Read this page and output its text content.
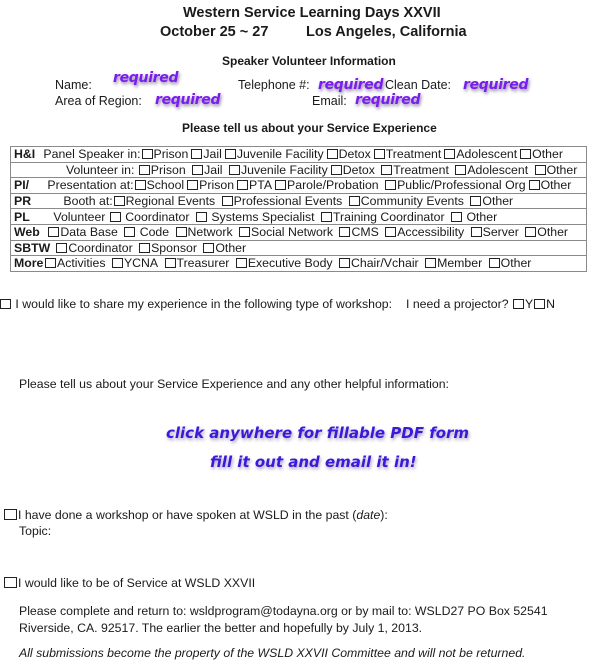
Western Service Learning Days XXVII
October 25 ~ 27	Los Angeles, California
Speaker Volunteer Information
Name: required	Telephone #: required Clean Date: required
Area of Region: required	Email: required
Please tell us about your Service Experience
H&I Panel Speaker in: Prison Jail Juvenile Facility Detox Treatment Adolescent Other
Volunteer in: Prison Jail Juvenile Facility Detox Treatment Adolescent Other
PI/ Presentation at: School Prison PTA Parole/Probation Public/Professional Org Other
PR	Booth at: Regional Events Professional Events Community Events Other
PL Volunteer Coordinator Systems Specialist Training Coordinator Other
Web Data Base Code Network Social Network CMS Accessibility Server Other
SBTW Coordinator Sponsor Other
More Activities YCNA Treasurer Executive Body Chair/Vchair Member Other
I would like to share my experience in the following type of workshop: I need a projector? Y N
Please tell us about your Service Experience and any other helpful information:
click anywhere for fillable PDF form
fill it out and email it in!
I have done a workshop or have spoken at WSLD in the past (date):
Topic:
I would like to be of Service at WSLD XXVII
Please complete and return to: wsldprogram@todayna.org or by mail to: WSLD27 PO Box 52541
Riverside, CA. 92517. The earlier the better and hopefully by July 1, 2013.
All submissions become the property of the WSLD XXVII Committee and will not be returned.
